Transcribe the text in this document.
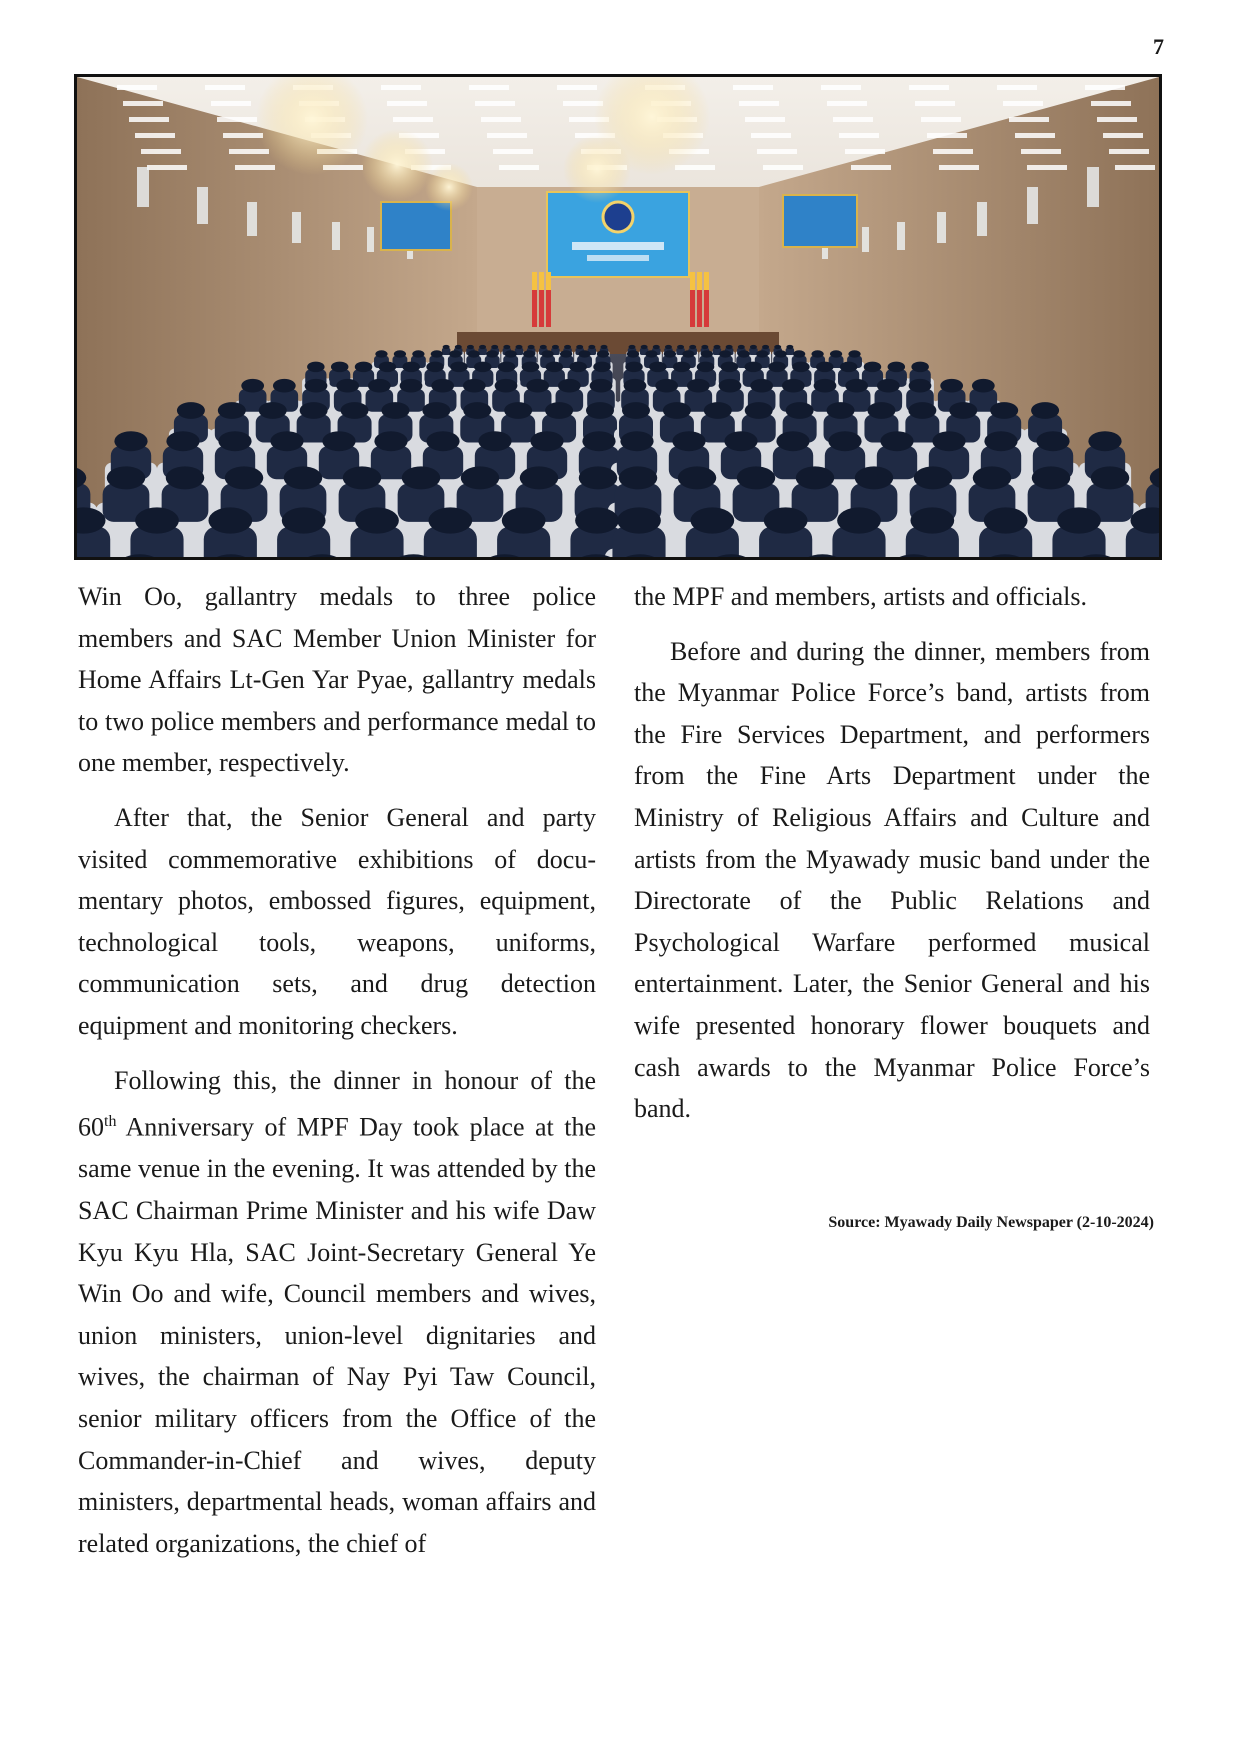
7

Win Oo, gallantry medals to three police members and SAC Member Union Minister for Home Affairs Lt-Gen Yar Pyae, gallantry medals to two police members and performance medal to one member, respectively.

After that, the Senior General and party visited commemorative exhibitions of documentary photos, embossed figures, equipment, technological tools, weapons, uniforms, communication sets, and drug detection equipment and monitoring checkers.

Following this, the dinner in honour of the 60th Anniversary of MPF Day took place at the same venue in the evening. It was attended by the SAC Chairman Prime Minister and his wife Daw Kyu Kyu Hla, SAC Joint-Secretary General Ye Win Oo and wife, Council members and wives, union ministers, union-level dignitaries and wives, the chairman of Nay Pyi Taw Council, senior military officers from the Office of the Commander-in-Chief and wives, deputy ministers, departmental heads, woman affairs and related organizations, the chief of

the MPF and members, artists and officials.

Before and during the dinner, members from the Myanmar Police Force’s band, artists from the Fire Services Department, and performers from the Fine Arts Department under the Ministry of Religious Affairs and Culture and artists from the Myawady music band under the Directorate of the Public Relations and Psychological Warfare performed musical entertainment. Later, the Senior General and his wife presented honorary flower bouquets and cash awards to the Myanmar Police Force’s band.

Source: Myawady Daily Newspaper (2-10-2024)
